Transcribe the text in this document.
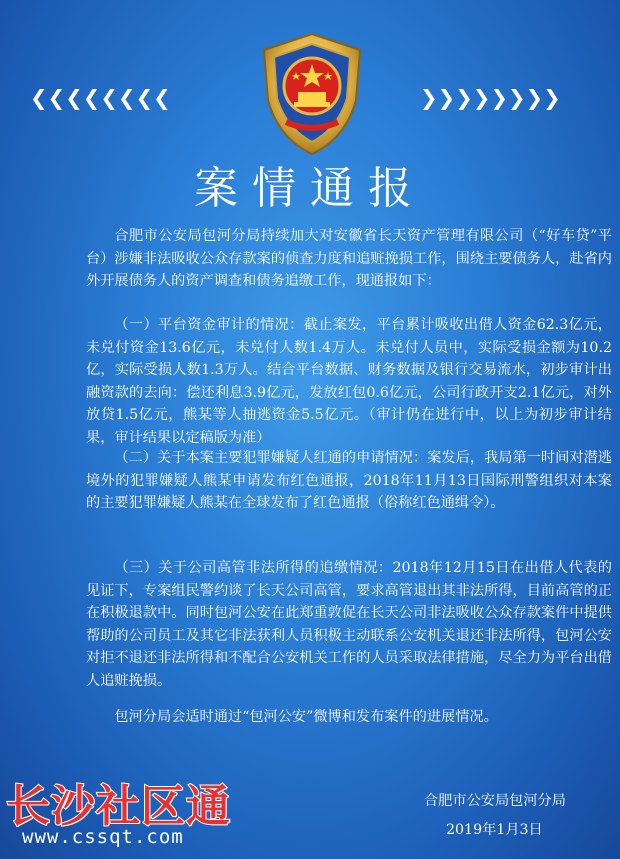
❮❮❮❮❮❮❮❮	❯❯❯❯❯❯❯❯
案情通报

合肥市公安局包河分局持续加大对安徽省长天资产管理有限公司（“好车贷”平台）涉嫌非法吸收公众存款案的侦查力度和追赃挽损工作，围绕主要债务人，赴省内外开展债务人的资产调查和债务追缴工作，现通报如下：

（一）平台资金审计的情况：截止案发，平台累计吸收出借人资金62.3亿元，未兑付资金13.6亿元，未兑付人数1.4万人。未兑付人员中，实际受损金额为10.2亿，实际受损人数1.3万人。结合平台数据、财务数据及银行交易流水，初步审计出融资款的去向：偿还利息3.9亿元，发放红包0.6亿元，公司行政开支2.1亿元，对外放贷1.5亿元，熊某等人抽逃资金5.5亿元。（审计仍在进行中，以上为初步审计结果，审计结果以定稿版为准）

（二）关于本案主要犯罪嫌疑人红通的申请情况：案发后，我局第一时间对潜逃境外的犯罪嫌疑人熊某申请发布红色通报，2018年11月13日国际刑警组织对本案的主要犯罪嫌疑人熊某在全球发布了红色通报（俗称红色通缉令）。

（三）关于公司高管非法所得的追缴情况：2018年12月15日在出借人代表的见证下，专案组民警约谈了长天公司高管，要求高管退出其非法所得，目前高管的正在积极退款中。同时包河公安在此郑重敦促在长天公司非法吸收公众存款案件中提供帮助的公司员工及其它非法获利人员积极主动联系公安机关退还非法所得，包河公安对拒不退还非法所得和不配合公安机关工作的人员采取法律措施，尽全力为平台出借人追赃挽损。

包河分局会适时通过“包河公安”微博和发布案件的进展情况。

合肥市公安局包河分局
2019年1月3日
长沙社区通
www.cssqt.com
